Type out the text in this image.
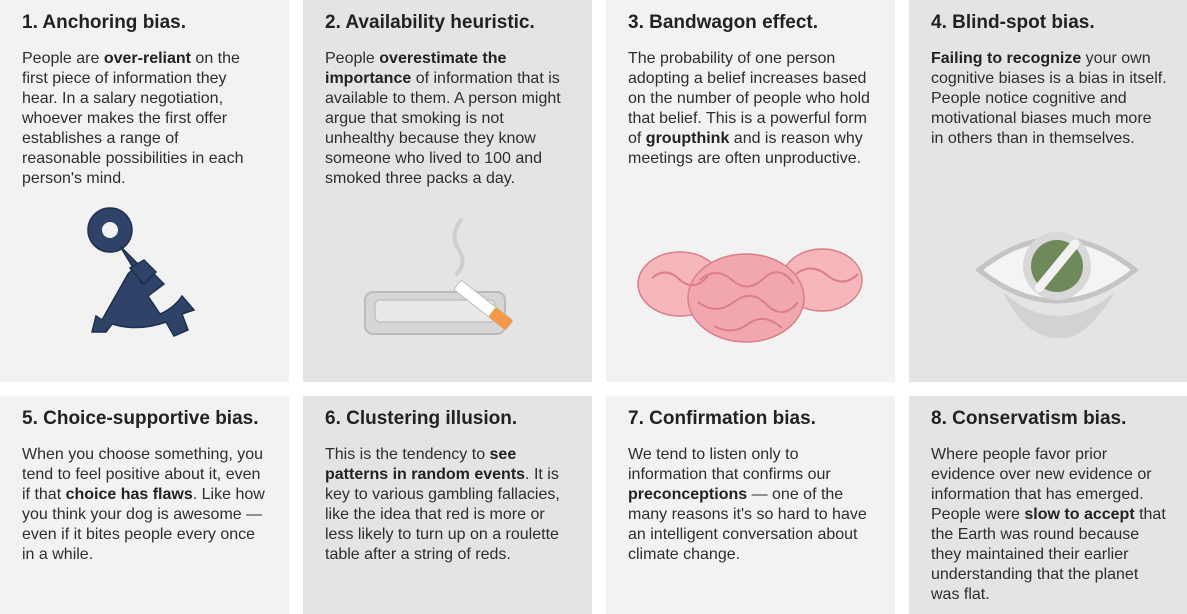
1. Anchoring bias.
People are over-reliant on the first piece of information they hear. In a salary negotiation, whoever makes the first offer establishes a range of reasonable possibilities in each person's mind.
2. Availability heuristic.
People overestimate the importance of information that is available to them. A person might argue that smoking is not unhealthy because they know someone who lived to 100 and smoked three packs a day.
3. Bandwagon effect.
The probability of one person adopting a belief increases based on the number of people who hold that belief. This is a powerful form of groupthink and is reason why meetings are often unproductive.
4. Blind-spot bias.
Failing to recognize your own cognitive biases is a bias in itself. People notice cognitive and motivational biases much more in others than in themselves.
5. Choice-supportive bias.
When you choose something, you tend to feel positive about it, even if that choice has flaws. Like how you think your dog is awesome — even if it bites people every once in a while.
6. Clustering illusion.
This is the tendency to see patterns in random events. It is key to various gambling fallacies, like the idea that red is more or less likely to turn up on a roulette table after a string of reds.
7. Confirmation bias.
We tend to listen only to information that confirms our preconceptions — one of the many reasons it's so hard to have an intelligent conversation about climate change.
8. Conservatism bias.
Where people favor prior evidence over new evidence or information that has emerged. People were slow to accept that the Earth was round because they maintained their earlier understanding that the planet was flat.
